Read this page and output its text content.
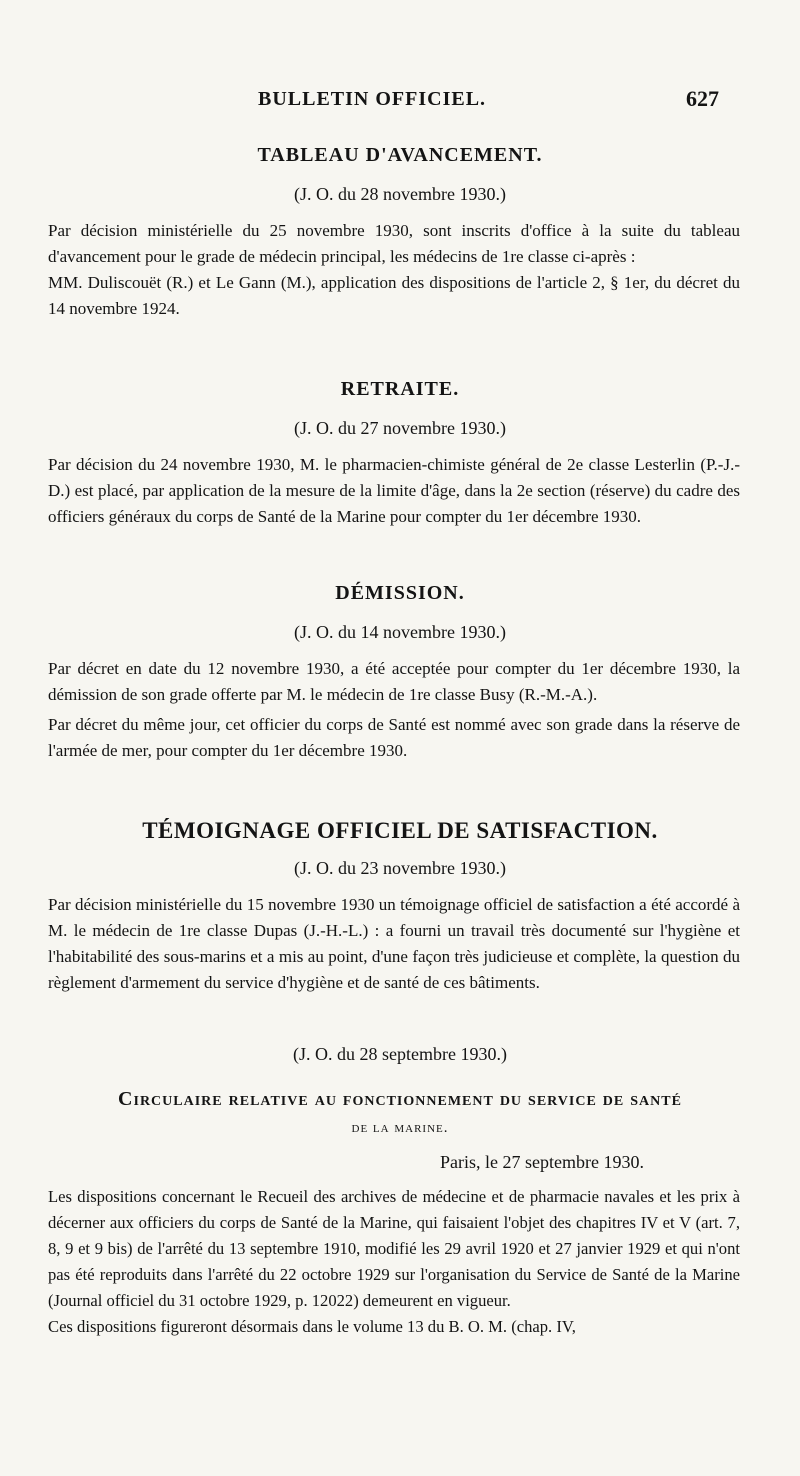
BULLETIN OFFICIEL.	627
TABLEAU D'AVANCEMENT.
(J. O. du 28 novembre 1930.)

Par décision ministérielle du 25 novembre 1930, sont inscrits d'office à la suite du tableau d'avancement pour le grade de médecin principal, les médecins de 1re classe ci-après :

MM. Duliscouët (R.) et Le Gann (M.), application des dispositions de l'article 2, § 1er, du décret du 14 novembre 1924.

RETRAITE.
(J. O. du 27 novembre 1930.)

Par décision du 24 novembre 1930, M. le pharmacien-chimiste général de 2e classe Lesterlin (P.-J.-D.) est placé, par application de la mesure de la limite d'âge, dans la 2e section (réserve) du cadre des officiers généraux du corps de Santé de la Marine pour compter du 1er décembre 1930.

DÉMISSION.
(J. O. du 14 novembre 1930.)

Par décret en date du 12 novembre 1930, a été acceptée pour compter du 1er décembre 1930, la démission de son grade offerte par M. le médecin de 1re classe Busy (R.-M.-A.).

Par décret du même jour, cet officier du corps de Santé est nommé avec son grade dans la réserve de l'armée de mer, pour compter du 1er décembre 1930.

TÉMOIGNAGE OFFICIEL DE SATISFACTION.
(J. O. du 23 novembre 1930.)

Par décision ministérielle du 15 novembre 1930 un témoignage officiel de satisfaction a été accordé à M. le médecin de 1re classe Dupas (J.-H.-L.) : a fourni un travail très documenté sur l'hygiène et l'habitabilité des sous-marins et a mis au point, d'une façon très judicieuse et complète, la question du règlement d'armement du service d'hygiène et de santé de ces bâtiments.

(J. O. du 28 septembre 1930.)
Circulaire relative au fonctionnement du service de santé
de la marine.
Paris, le 27 septembre 1930.

Les dispositions concernant le Recueil des archives de médecine et de pharmacie navales et les prix à décerner aux officiers du corps de Santé de la Marine, qui faisaient l'objet des chapitres IV et V (art. 7, 8, 9 et 9 bis) de l'arrêté du 13 septembre 1910, modifié les 29 avril 1920 et 27 janvier 1929 et qui n'ont pas été reproduits dans l'arrêté du 22 octobre 1929 sur l'organisation du Service de Santé de la Marine (Journal officiel du 31 octobre 1929, p. 12022) demeurent en vigueur.

Ces dispositions figureront désormais dans le volume 13 du B. O. M. (chap. IV,
